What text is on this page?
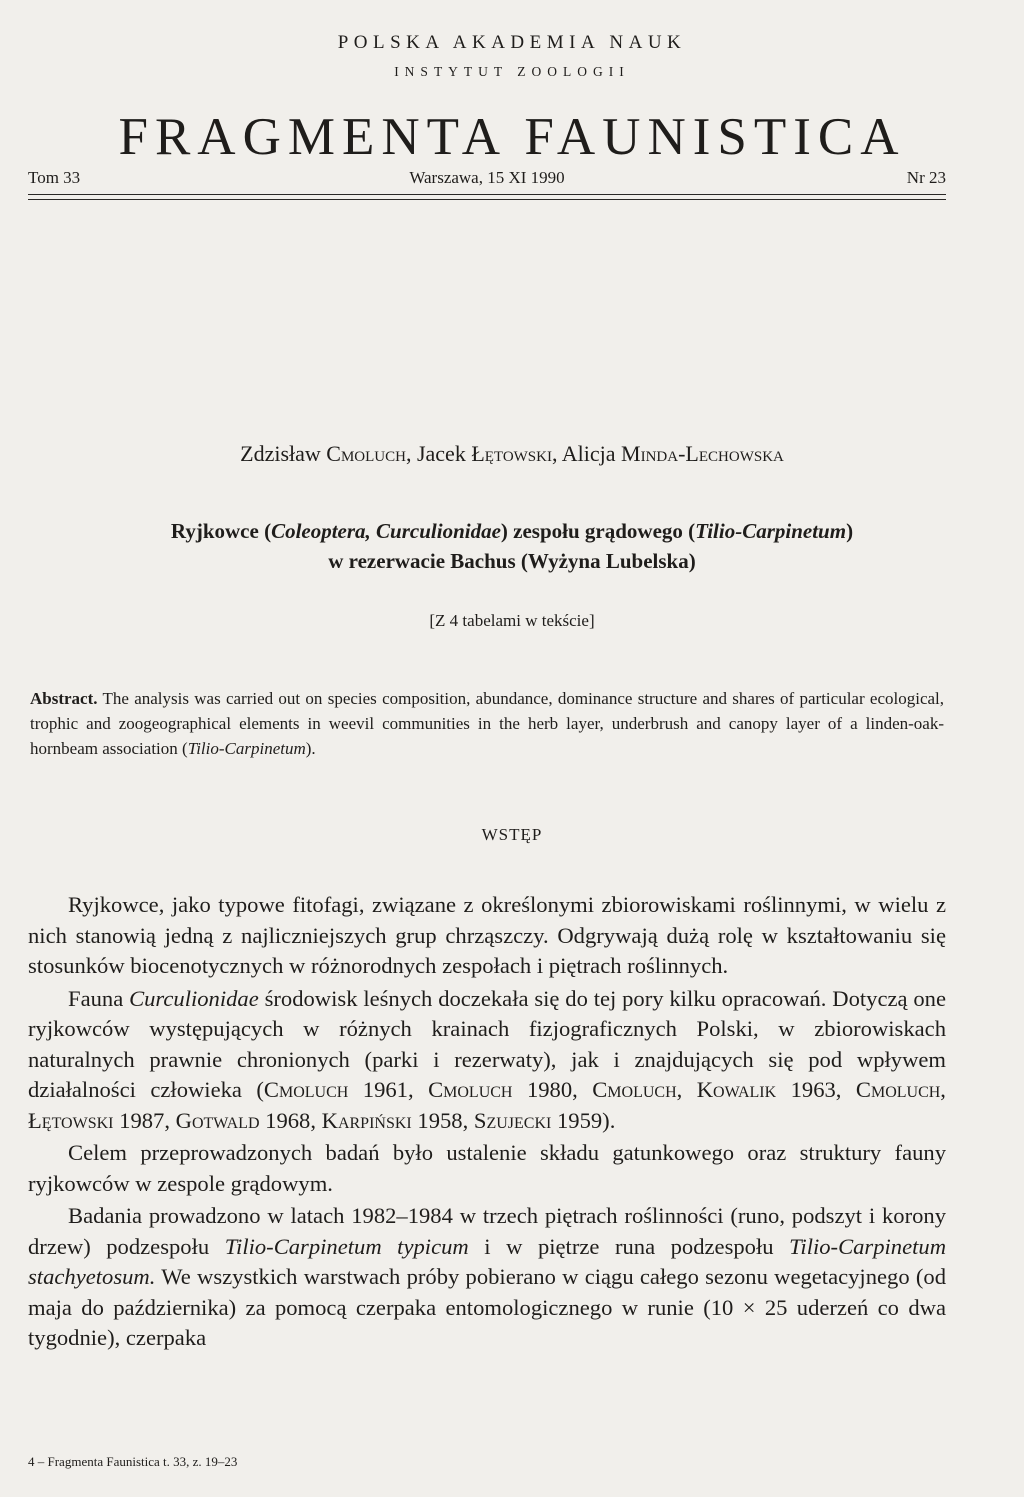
POLSKA AKADEMIA NAUK
INSTYTUT ZOOLOGII
FRAGMENTA FAUNISTICA
Tom 33	Warszawa, 15 XI 1990	Nr 23
Zdzisław Cmoluch, Jacek Łętowski, Alicja Minda-Lechowska
Ryjkowce (Coleoptera, Curculionidae) zespołu grądowego (Tilio-Carpinetum)
w rezerwacie Bachus (Wyżyna Lubelska)
[Z 4 tabelami w tekście]
Abstract. The analysis was carried out on species composition, abundance, dominance structure and shares of particular ecological, trophic and zoogeographical elements in weevil communities in the herb layer, underbrush and canopy layer of a linden-oak-hornbeam association (Tilio-Carpinetum).
WSTĘP

Ryjkowce, jako typowe fitofagi, związane z określonymi zbiorowiskami roślinnymi, w wielu z nich stanowią jedną z najliczniejszych grup chrząszczy. Odgrywają dużą rolę w kształtowaniu się stosunków biocenotycznych w różnorodnych zespołach i piętrach roślinnych.

Fauna Curculionidae środowisk leśnych doczekała się do tej pory kilku opracowań. Dotyczą one ryjkowców występujących w różnych krainach fizjograficznych Polski, w zbiorowiskach naturalnych prawnie chronionych (parki i rezerwaty), jak i znajdujących się pod wpływem działalności człowieka (Cmoluch 1961, Cmoluch 1980, Cmoluch, Kowalik 1963, Cmoluch, Łętowski 1987, Gotwald 1968, Karpiński 1958, Szujecki 1959).

Celem przeprowadzonych badań było ustalenie składu gatunkowego oraz struktury fauny ryjkowców w zespole grądowym.

Badania prowadzono w latach 1982–1984 w trzech piętrach roślinności (runo, podszyt i korony drzew) podzespołu Tilio-Carpinetum typicum i w piętrze runa podzespołu Tilio-Carpinetum stachyetosum. We wszystkich warstwach próby pobierano w ciągu całego sezonu wegetacyjnego (od maja do października) za pomocą czerpaka entomologicznego w runie (10 × 25 uderzeń co dwa tygodnie), czerpaka

4 – Fragmenta Faunistica t. 33, z. 19–23
